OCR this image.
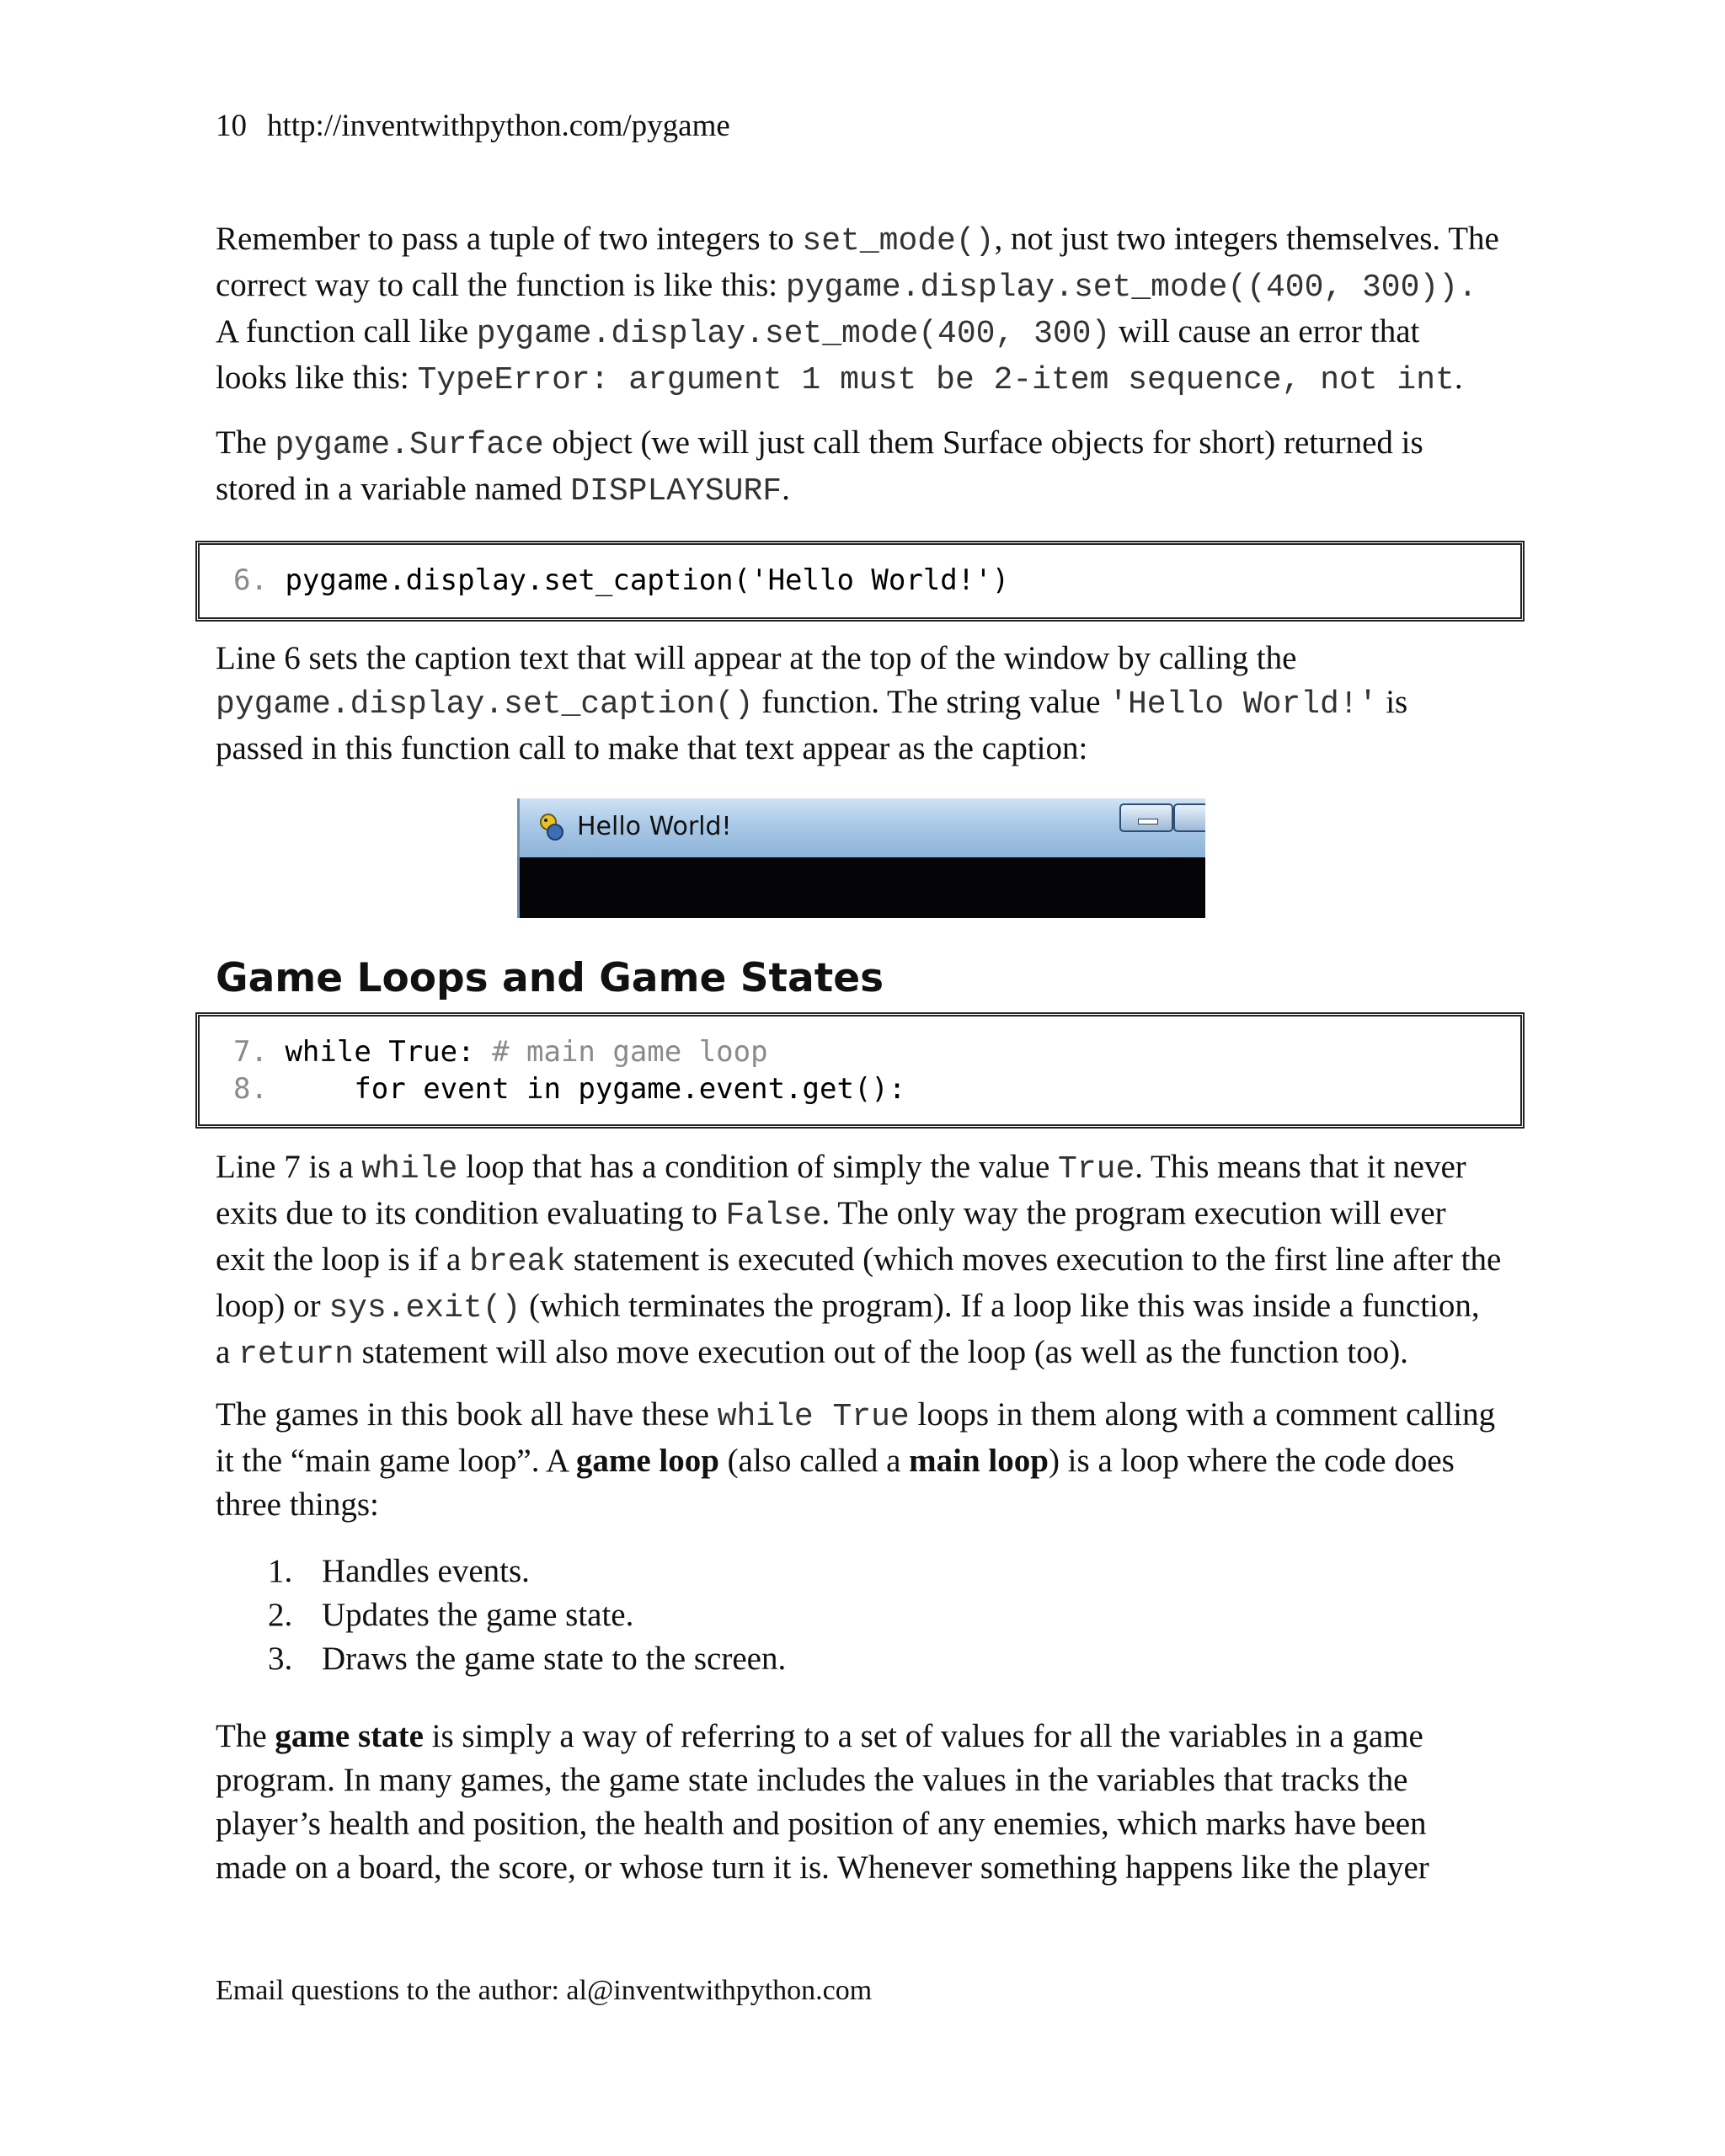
10 http://inventwithpython.com/pygame
Remember to pass a tuple of two integers to set_mode(), not just two integers themselves. The
correct way to call the function is like this: pygame.display.set_mode((400, 300)).
A function call like pygame.display.set_mode(400, 300) will cause an error that
looks like this: TypeError: argument 1 must be 2-item sequence, not int.
The pygame.Surface object (we will just call them Surface objects for short) returned is
stored in a variable named DISPLAYSURF.
6. pygame.display.set_caption('Hello World!')
Line 6 sets the caption text that will appear at the top of the window by calling the
pygame.display.set_caption() function. The string value 'Hello World!' is
passed in this function call to make that text appear as the caption:
Hello World!
Game Loops and Game States
7. while True: # main game loop
8.     for event in pygame.event.get():
Line 7 is a while loop that has a condition of simply the value True. This means that it never
exits due to its condition evaluating to False. The only way the program execution will ever
exit the loop is if a break statement is executed (which moves execution to the first line after the
loop) or sys.exit() (which terminates the program). If a loop like this was inside a function,
a return statement will also move execution out of the loop (as well as the function too).
The games in this book all have these while True loops in them along with a comment calling
it the “main game loop”. A game loop (also called a main loop) is a loop where the code does
three things:
1. Handles events.
2. Updates the game state.
3. Draws the game state to the screen.
The game state is simply a way of referring to a set of values for all the variables in a game
program. In many games, the game state includes the values in the variables that tracks the
player’s health and position, the health and position of any enemies, which marks have been
made on a board, the score, or whose turn it is. Whenever something happens like the player
Email questions to the author: al@inventwithpython.com
